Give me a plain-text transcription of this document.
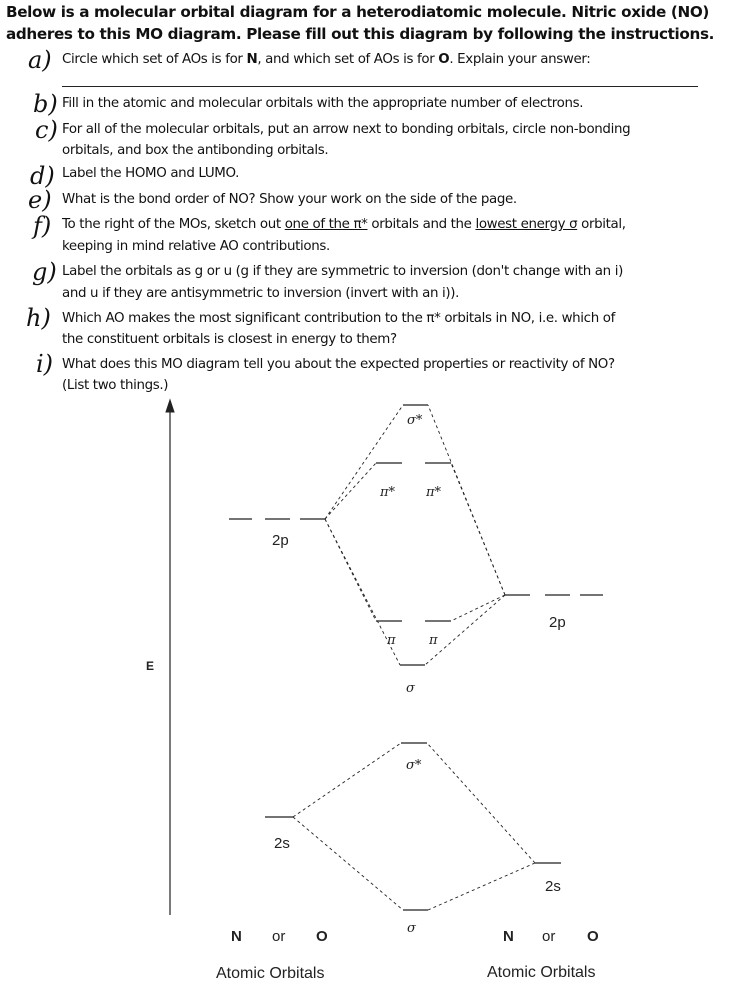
Below is a molecular orbital diagram for a heterodiatomic molecule. Nitric oxide (NO)
adheres to this MO diagram. Please fill out this diagram by following the instructions.
a) Circle which set of AOs is for N, and which set of AOs is for O. Explain your answer:
b) Fill in the atomic and molecular orbitals with the appropriate number of electrons.
c) For all of the molecular orbitals, put an arrow next to bonding orbitals, circle non-bonding
orbitals, and box the antibonding orbitals.
d) Label the HOMO and LUMO.
e) What is the bond order of NO? Show your work on the side of the page.
f) To the right of the MOs, sketch out one of the π* orbitals and the lowest energy σ orbital,
keeping in mind relative AO contributions.
g) Label the orbitals as g or u (g if they are symmetric to inversion (don't change with an i)
and u if they are antisymmetric to inversion (invert with an i)).
h) Which AO makes the most significant contribution to the π* orbitals in NO, i.e. which of
the constituent orbitals is closest in energy to them?
i) What does this MO diagram tell you about the expected properties or reactivity of NO?
(List two things.)
E
2p
2p
2s
2s
σ*
π* π*
π	π
σ
σ*
σ
N or O	N or O
Atomic Orbitals	Atomic Orbitals
